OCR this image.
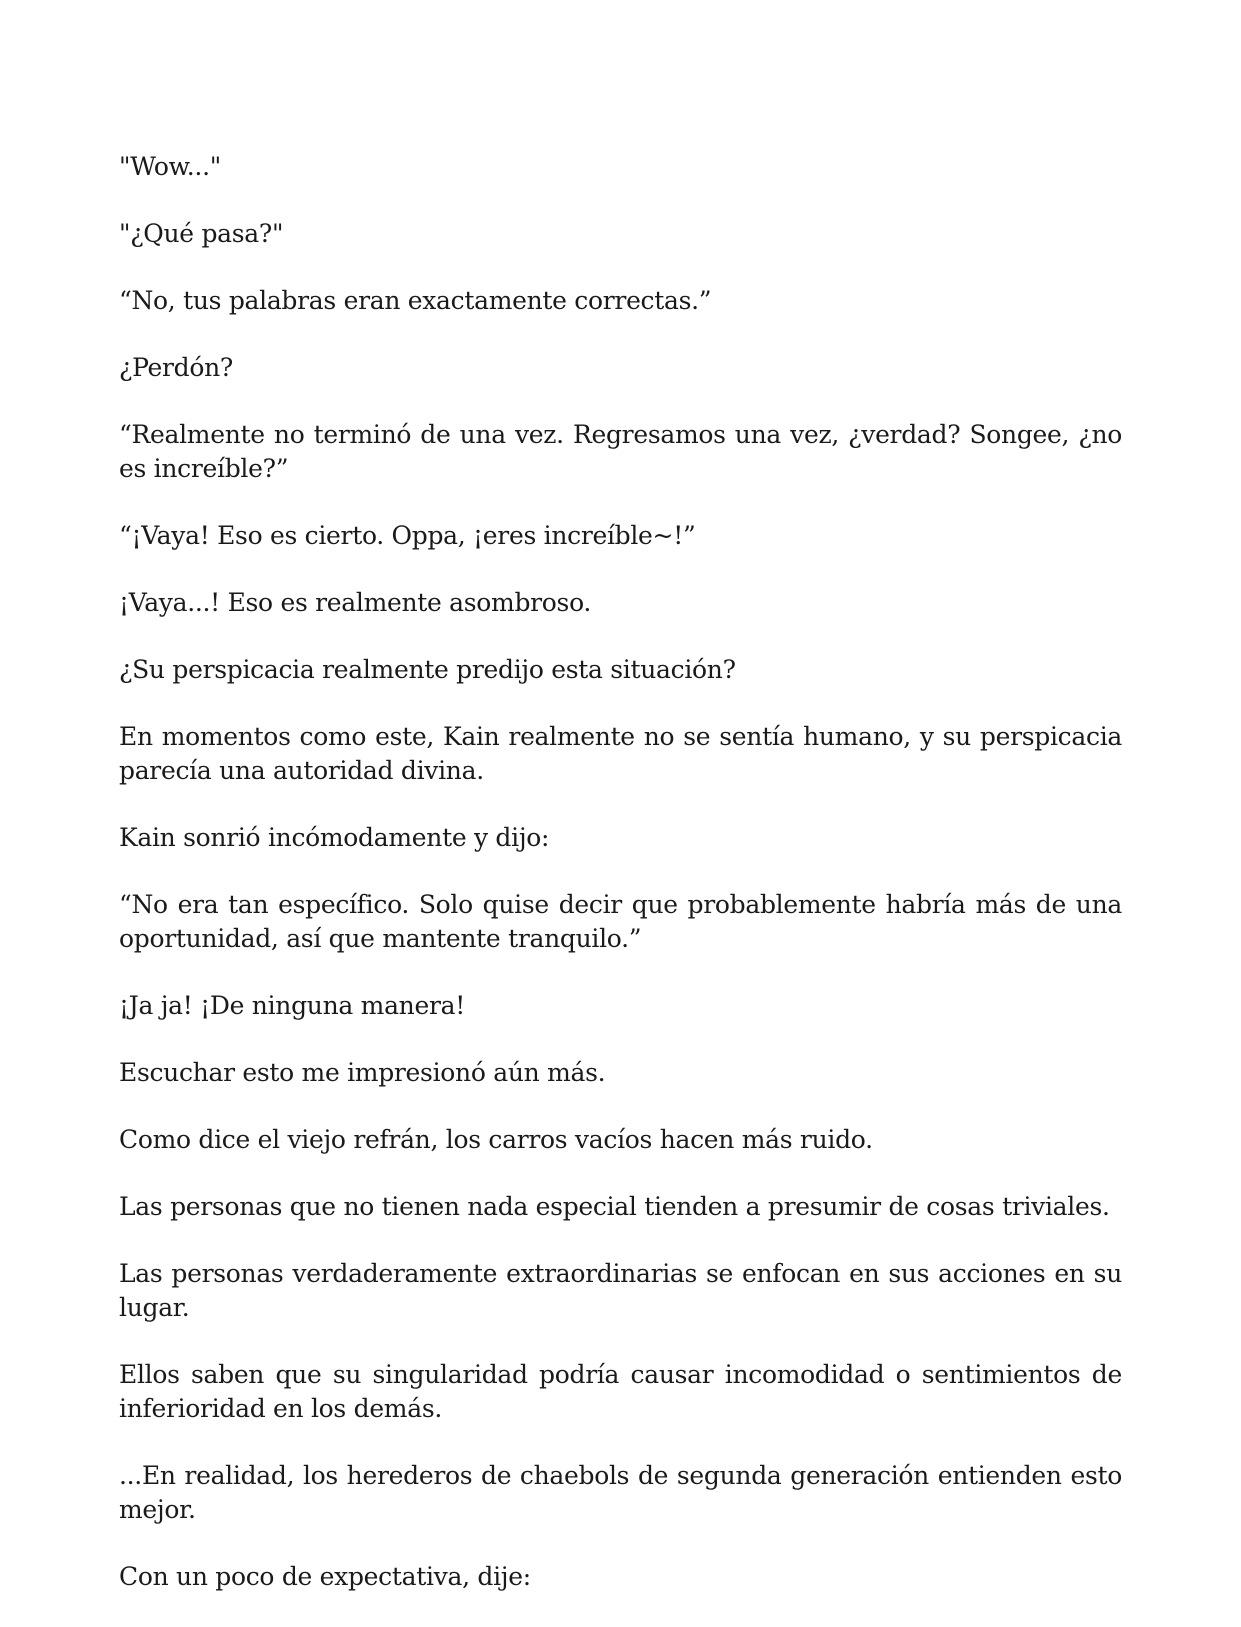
"Wow..."

"¿Qué pasa?"

“No, tus palabras eran exactamente correctas.”

¿Perdón?

“Realmente no terminó de una vez. Regresamos una vez, ¿verdad? Songee, ¿no es increíble?”

“¡Vaya! Eso es cierto. Oppa, ¡eres increíble~!”

¡Vaya...! Eso es realmente asombroso.

¿Su perspicacia realmente predijo esta situación?

En momentos como este, Kain realmente no se sentía humano, y su perspicacia parecía una autoridad divina.

Kain sonrió incómodamente y dijo:

“No era tan específico. Solo quise decir que probablemente habría más de una oportunidad, así que mantente tranquilo.”

¡Ja ja! ¡De ninguna manera!

Escuchar esto me impresionó aún más.

Como dice el viejo refrán, los carros vacíos hacen más ruido.

Las personas que no tienen nada especial tienden a presumir de cosas triviales.

Las personas verdaderamente extraordinarias se enfocan en sus acciones en su lugar.

Ellos saben que su singularidad podría causar incomodidad o sentimientos de inferioridad en los demás.

...En realidad, los herederos de chaebols de segunda generación entienden esto mejor.

Con un poco de expectativa, dije:
